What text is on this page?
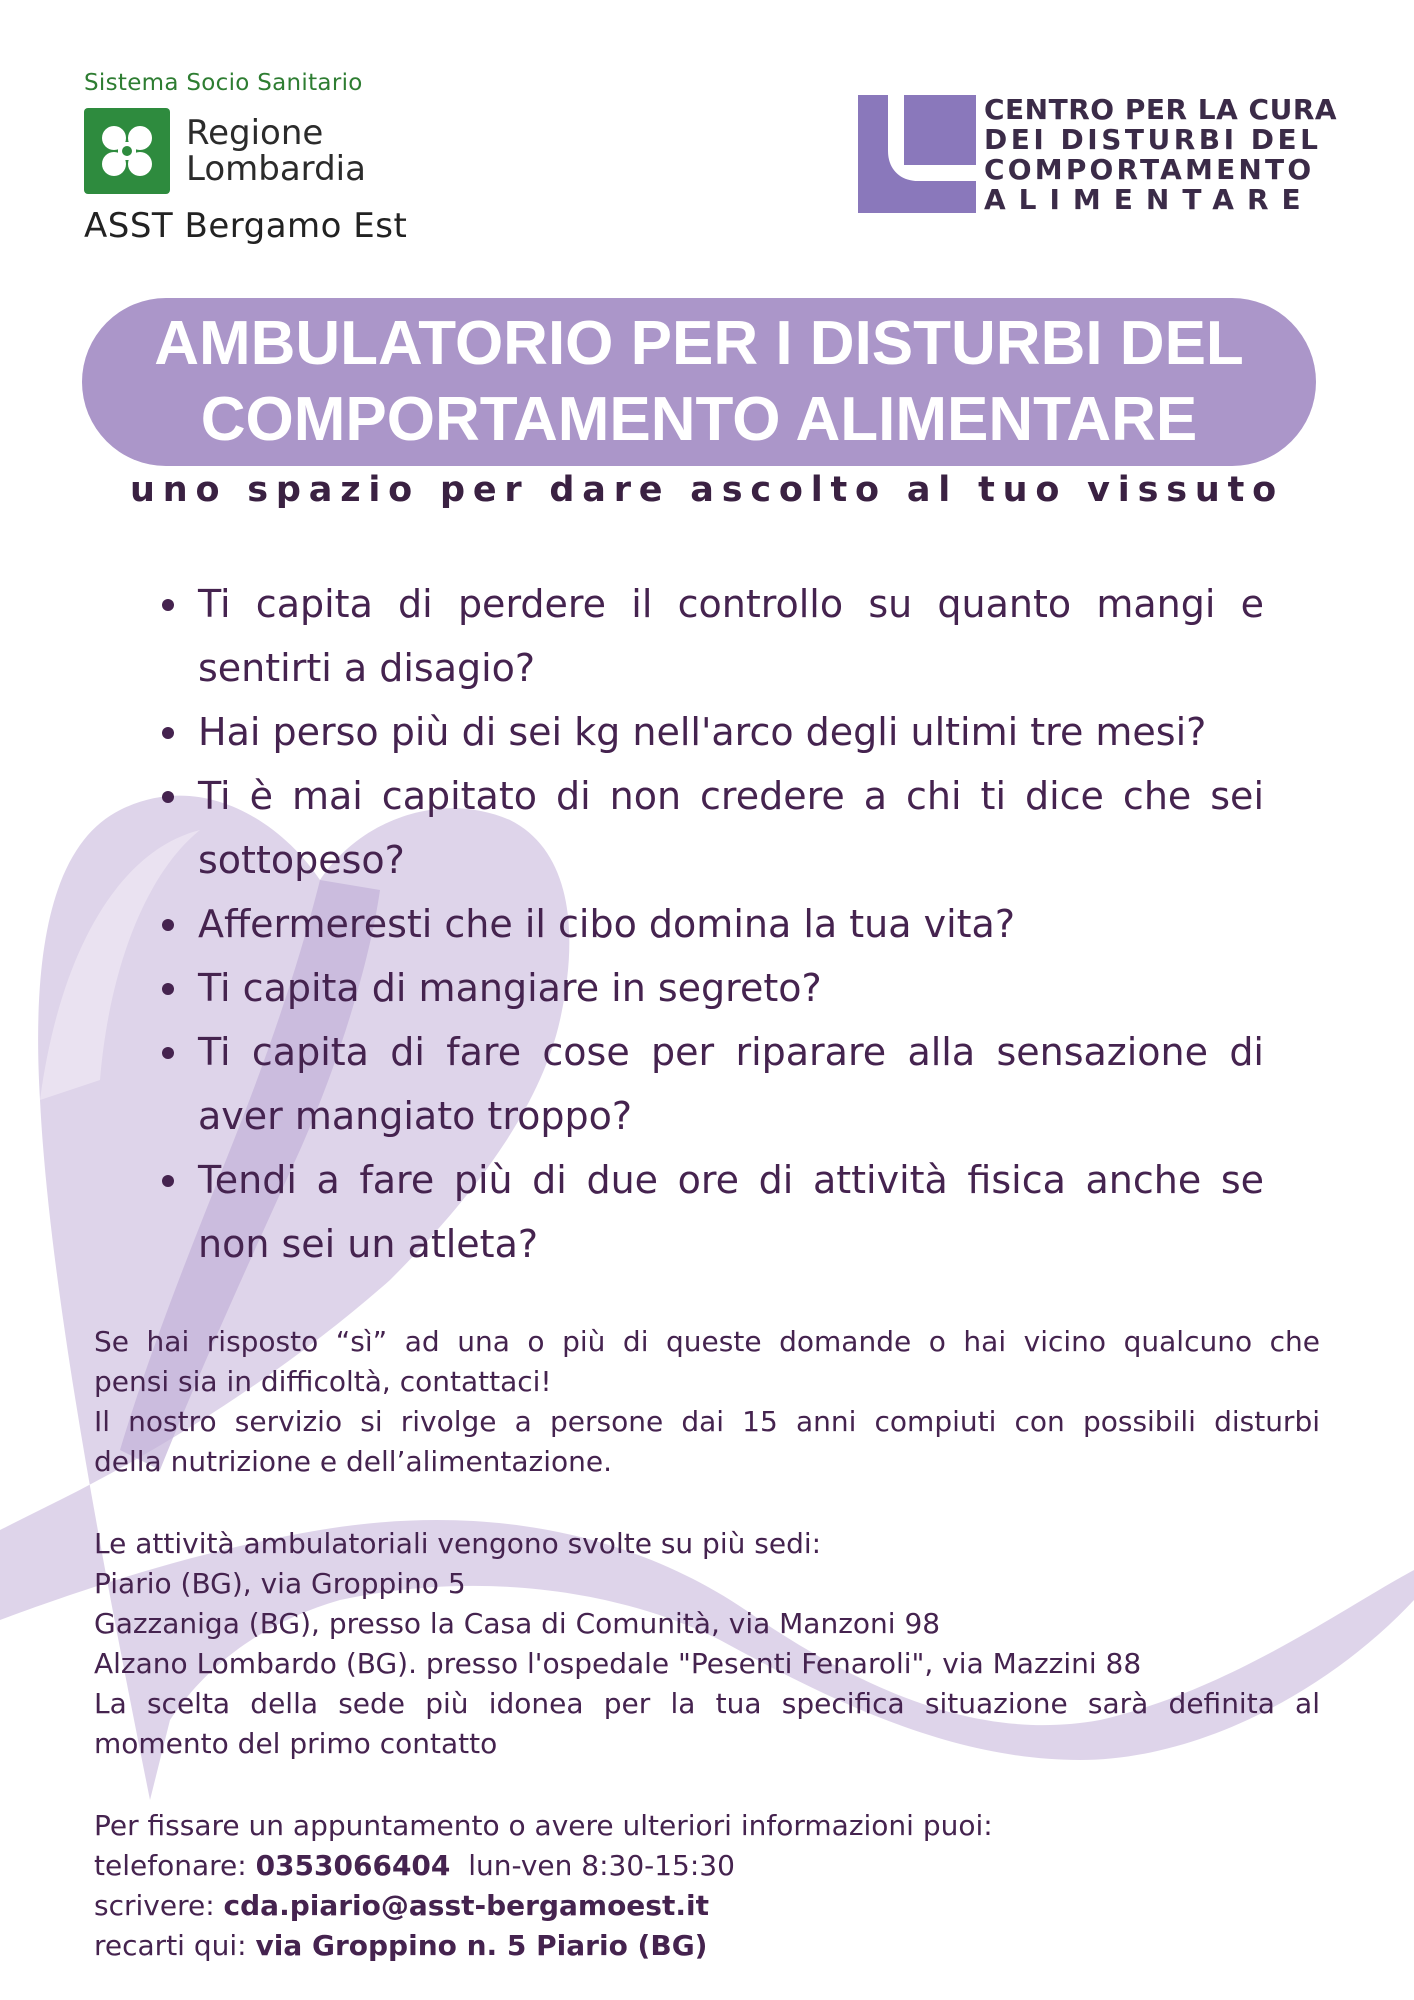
Sistema Socio Sanitario
Regione
Lombardia
ASST Bergamo Est
CENTRO PER LA CURA
DEI DISTURBI DEL
COMPORTAMENTO
ALIMENTARE
AMBULATORIO PER I DISTURBI DEL
COMPORTAMENTO ALIMENTARE
uno spazio per dare ascolto al tuo vissuto
Ti capita di perdere il controllo su quanto mangi e sentirti a disagio?
Hai perso più di sei kg nell'arco degli ultimi tre mesi?
Ti è mai capitato di non credere a chi ti dice che sei sottopeso?
Affermeresti che il cibo domina la tua vita?
Ti capita di mangiare in segreto?
Ti capita di fare cose per riparare alla sensazione di aver mangiato troppo?
Tendi a fare più di due ore di attività fisica anche se non sei un atleta?
Se hai risposto “sì” ad una o più di queste domande o hai vicino qualcuno che
pensi sia in difficoltà, contattaci!
Il nostro servizio si rivolge a persone dai 15 anni compiuti con possibili disturbi
della nutrizione e dell’alimentazione.
Le attività ambulatoriali vengono svolte su più sedi:
Piario (BG), via Groppino 5
Gazzaniga (BG), presso la Casa di Comunità, via Manzoni 98
Alzano Lombardo (BG). presso l'ospedale "Pesenti Fenaroli", via Mazzini 88
La scelta della sede più idonea per la tua specifica situazione sarà definita al
momento del primo contatto
Per fissare un appuntamento o avere ulteriori informazioni puoi:
telefonare: 0353066404  lun-ven 8:30-15:30
scrivere: cda.piario@asst-bergamoest.it
recarti qui: via Groppino n. 5 Piario (BG)
